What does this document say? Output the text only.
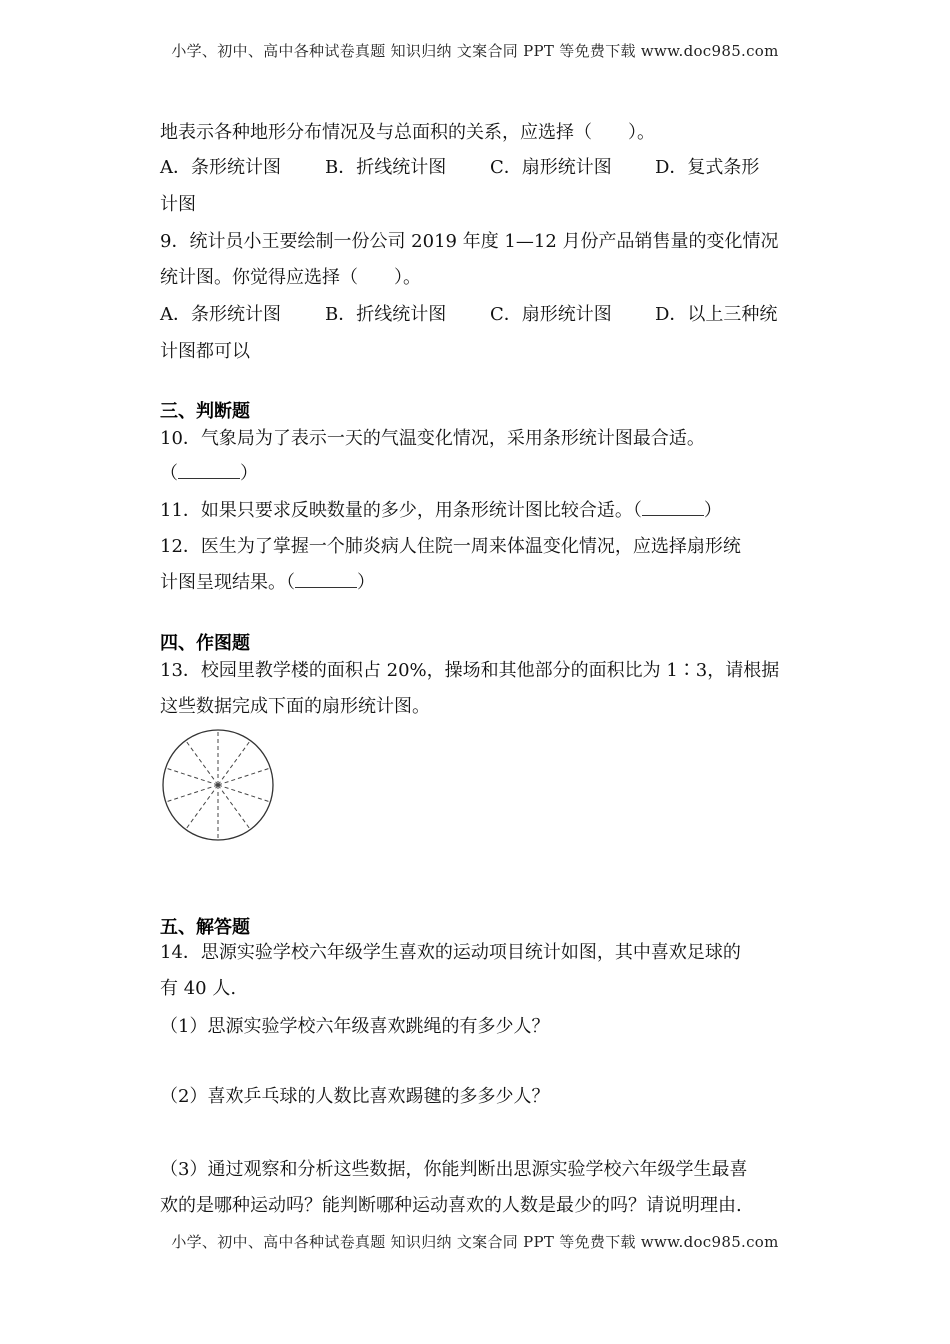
小学、初中、高中各种试卷真题 知识归纳 文案合同 PPT 等免费下载 www.doc985.com
地表示各种地形分布情况及与总面积的关系，应选择（　　）。
A．条形统计图 B．折线统计图 C．扇形统计图 D．复式条形
计图
9．统计员小王要绘制一份公司 2019 年度 1—12 月份产品销售量的变化情况
统计图。你觉得应选择（　　）。
A．条形统计图 B．折线统计图 C．扇形统计图 D．以上三种统
计图都可以
三、判断题
10．气象局为了表示一天的气温变化情况，采用条形统计图最合适。
（	）
11．如果只要求反映数量的多少，用条形统计图比较合适。（	）
12．医生为了掌握一个肺炎病人住院一周来体温变化情况，应选择扇形统
计图呈现结果。（	）
四、作图题
13．校园里教学楼的面积占 20%，操场和其他部分的面积比为 1∶3，请根据
这些数据完成下面的扇形统计图。
五、解答题
14．思源实验学校六年级学生喜欢的运动项目统计如图，其中喜欢足球的
有 40 人.
（1）思源实验学校六年级喜欢跳绳的有多少人？
（2）喜欢乒乓球的人数比喜欢踢毽的多多少人？
（3）通过观察和分析这些数据，你能判断出思源实验学校六年级学生最喜
欢的是哪种运动吗？能判断哪种运动喜欢的人数是最少的吗？请说明理由.
小学、初中、高中各种试卷真题 知识归纳 文案合同 PPT 等免费下载 www.doc985.com
